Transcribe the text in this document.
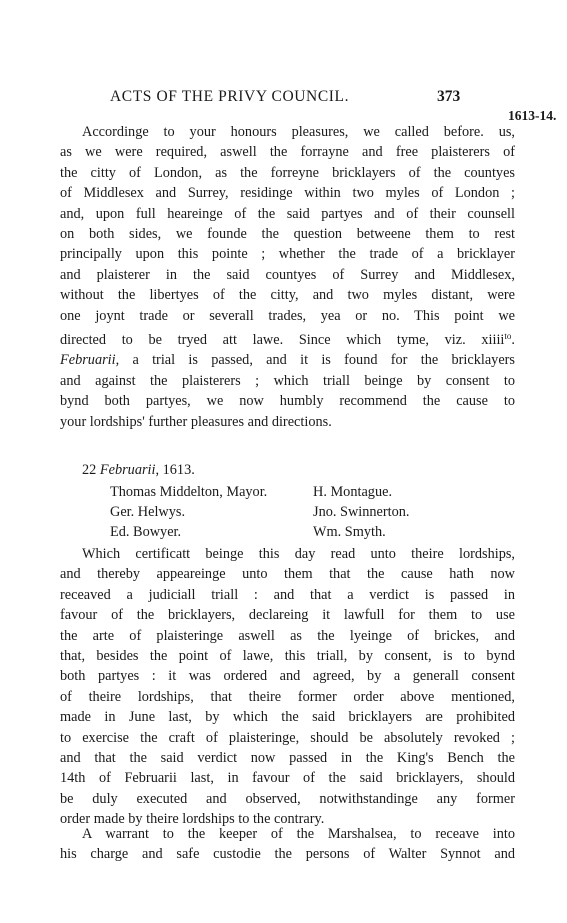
ACTS OF THE PRIVY COUNCIL.	373
1613-14.
Accordinge to your honours pleasures, we called before. us,
as we were required, aswell the forrayne and free plaisterers of
the citty of London, as the forreyne bricklayers of the countyes
of Middlesex and Surrey, residinge within two myles of London ;
and, upon full heareinge of the said partyes and of their counsell
on both sides, we founde the question betweene them to rest
principally upon this pointe ; whether the trade of a bricklayer
and plaisterer in the said countyes of Surrey and Middlesex,
without the libertyes of the citty, and two myles distant, were
one joynt trade or severall trades, yea or no. This point we
directed to be tryed att lawe. Since which tyme, viz. xiiii$^{to}$.
Februarii, a trial is passed, and it is found for the bricklayers
and against the plaisterers ; which triall beinge by consent to
bynd both partyes, we now humbly recommend the cause to
your lordships' further pleasures and directions.
22 Februarii, 1613.
Thomas Middelton, Mayor.
Ger. Helwys.
Ed. Bowyer.
H. Montague.
Jno. Swinnerton.
Wm. Smyth.
Which certificatt beinge this day read unto theire lordships,
and thereby appeareinge unto them that the cause hath now
receaved a judiciall triall : and that a verdict is passed in
favour of the bricklayers, declareing it lawfull for them to use
the arte of plaisteringe aswell as the lyeinge of brickes, and
that, besides the point of lawe, this triall, by consent, is to bynd
both partyes : it was ordered and agreed, by a generall consent
of theire lordships, that theire former order above mentioned,
made in June last, by which the said bricklayers are prohibited
to exercise the craft of plaisteringe, should be absolutely revoked ;
and that the said verdict now passed in the King's Bench the
14th of Februarii last, in favour of the said bricklayers, should
be duly executed and observed, notwithstandinge any former
order made by theire lordships to the contrary.
A warrant to the keeper of the Marshalsea, to receave into
his charge and safe custodie the persons of Walter Synnot and
